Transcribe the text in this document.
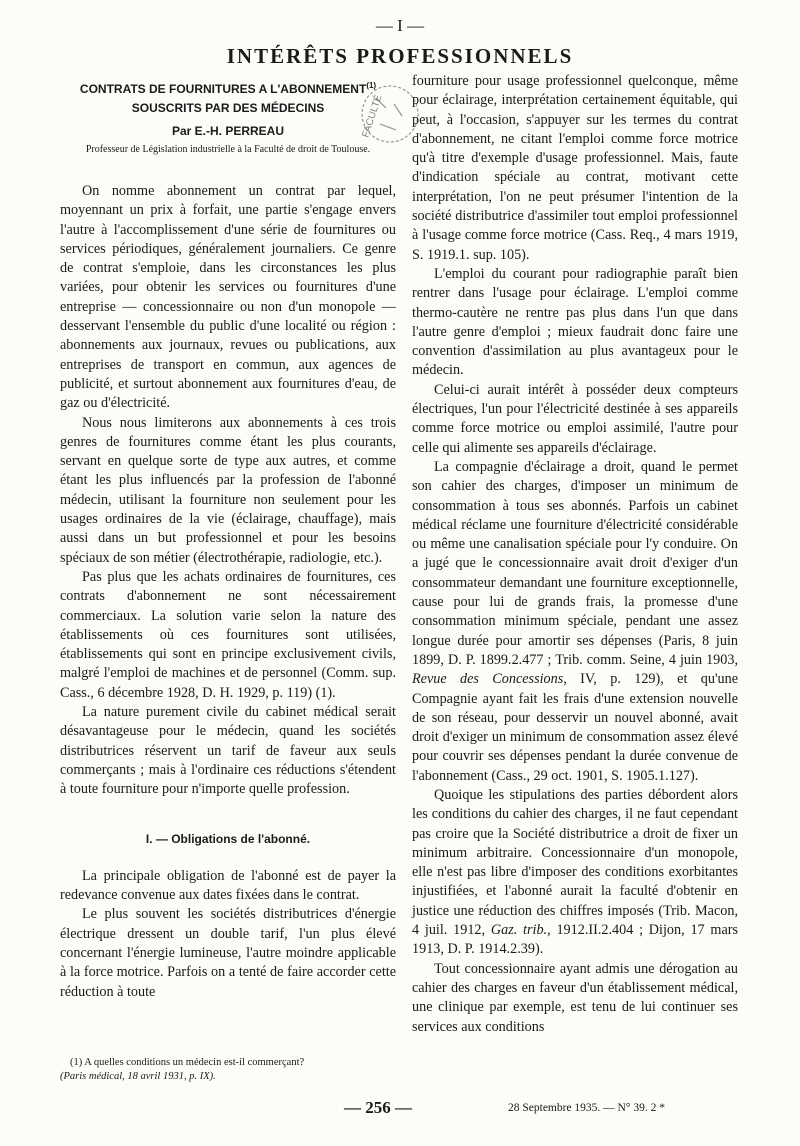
— I —
INTÉRÊTS PROFESSIONNELS
CONTRATS DE FOURNITURES A L'ABONNEMENT$^{(1)}$
SOUSCRITS PAR DES MÉDECINS
Par E.-H. PERREAU
Professeur de Législation industrielle à la Faculté de droit de Toulouse.
FACULTÉ

On nomme abonnement un contrat par lequel, moyennant un prix à forfait, une partie s'engage envers l'autre à l'accomplissement d'une série de fournitures ou services périodiques, généralement journaliers. Ce genre de contrat s'emploie, dans les circonstances les plus variées, pour obtenir les services ou fournitures d'une entreprise — concessionnaire ou non d'un monopole — desservant l'ensemble du public d'une localité ou région : abonnements aux journaux, revues ou publications, aux entreprises de transport en commun, aux agences de publicité, et surtout abonnement aux fournitures d'eau, de gaz ou d'électricité.

Nous nous limiterons aux abonnements à ces trois genres de fournitures comme étant les plus courants, servant en quelque sorte de type aux autres, et comme étant les plus influencés par la profession de l'abonné médecin, utilisant la fourniture non seulement pour les usages ordinaires de la vie (éclairage, chauffage), mais aussi dans un but professionnel et pour les besoins spéciaux de son métier (électrothérapie, radiologie, etc.).

Pas plus que les achats ordinaires de fournitures, ces contrats d'abonnement ne sont nécessairement commerciaux. La solution varie selon la nature des établissements où ces fournitures sont utilisées, établissements qui sont en principe exclusivement civils, malgré l'emploi de machines et de personnel (Comm. sup. Cass., 6 décembre 1928, D. H. 1929, p. 119) (1).

La nature purement civile du cabinet médical serait désavantageuse pour le médecin, quand les sociétés distributrices réservent un tarif de faveur aux seuls commerçants ; mais à l'ordinaire ces réductions s'étendent à toute fourniture pour n'importe quelle profession.

I. — Obligations de l'abonné.

La principale obligation de l'abonné est de payer la redevance convenue aux dates fixées dans le contrat.

Le plus souvent les sociétés distributrices d'énergie électrique dressent un double tarif, l'un plus élevé concernant l'énergie lumineuse, l'autre moindre applicable à la force motrice. Parfois on a tenté de faire accorder cette réduction à toute

fourniture pour usage professionnel quelconque, même pour éclairage, interprétation certainement équitable, qui peut, à l'occasion, s'appuyer sur les termes du contrat d'abonnement, ne citant l'emploi comme force motrice qu'à titre d'exemple d'usage professionnel. Mais, faute d'indication spéciale au contrat, motivant cette interprétation, l'on ne peut présumer l'intention de la société distributrice d'assimiler tout emploi professionnel à l'usage comme force motrice (Cass. Req., 4 mars 1919, S. 1919.1. sup. 105).

L'emploi du courant pour radiographie paraît bien rentrer dans l'usage pour éclairage. L'emploi comme thermo-cautère ne rentre pas plus dans l'un que dans l'autre genre d'emploi ; mieux faudrait donc faire une convention d'assimilation au plus avantageux pour le médecin.

Celui-ci aurait intérêt à posséder deux compteurs électriques, l'un pour l'électricité destinée à ses appareils comme force motrice ou emploi assimilé, l'autre pour celle qui alimente ses appareils d'éclairage.

La compagnie d'éclairage a droit, quand le permet son cahier des charges, d'imposer un minimum de consommation à tous ses abonnés. Parfois un cabinet médical réclame une fourniture d'électricité considérable ou même une canalisation spéciale pour l'y conduire. On a jugé que le concessionnaire avait droit d'exiger d'un consommateur demandant une fourniture exceptionnelle, cause pour lui de grands frais, la promesse d'une consommation minimum spéciale, pendant une assez longue durée pour amortir ses dépenses (Paris, 8 juin 1899, D. P. 1899.2.477 ; Trib. comm. Seine, 4 juin 1903, Revue des Concessions, IV, p. 129), et qu'une Compagnie ayant fait les frais d'une extension nouvelle de son réseau, pour desservir un nouvel abonné, avait droit d'exiger un minimum de consommation assez élevé pour couvrir ses dépenses pendant la durée convenue de l'abonnement (Cass., 29 oct. 1901, S. 1905.1.127).

Quoique les stipulations des parties débordent alors les conditions du cahier des charges, il ne faut cependant pas croire que la Société distributrice a droit de fixer un minimum arbitraire. Concessionnaire d'un monopole, elle n'est pas libre d'imposer des conditions exorbitantes injustifiées, et l'abonné aurait la faculté d'obtenir en justice une réduction des chiffres imposés (Trib. Macon, 4 juil. 1912, Gaz. trib., 1912.II.2.404 ; Dijon, 17 mars 1913, D. P. 1914.2.39).

Tout concessionnaire ayant admis une dérogation au cahier des charges en faveur d'un établissement médical, une clinique par exemple, est tenu de lui continuer ses services aux conditions

(1) A quelles conditions un médecin est-il commerçant?
(Paris médical, 18 avril 1931, p. IX).
— 256 —	28 Septembre 1935. — N° 39. 2 *
